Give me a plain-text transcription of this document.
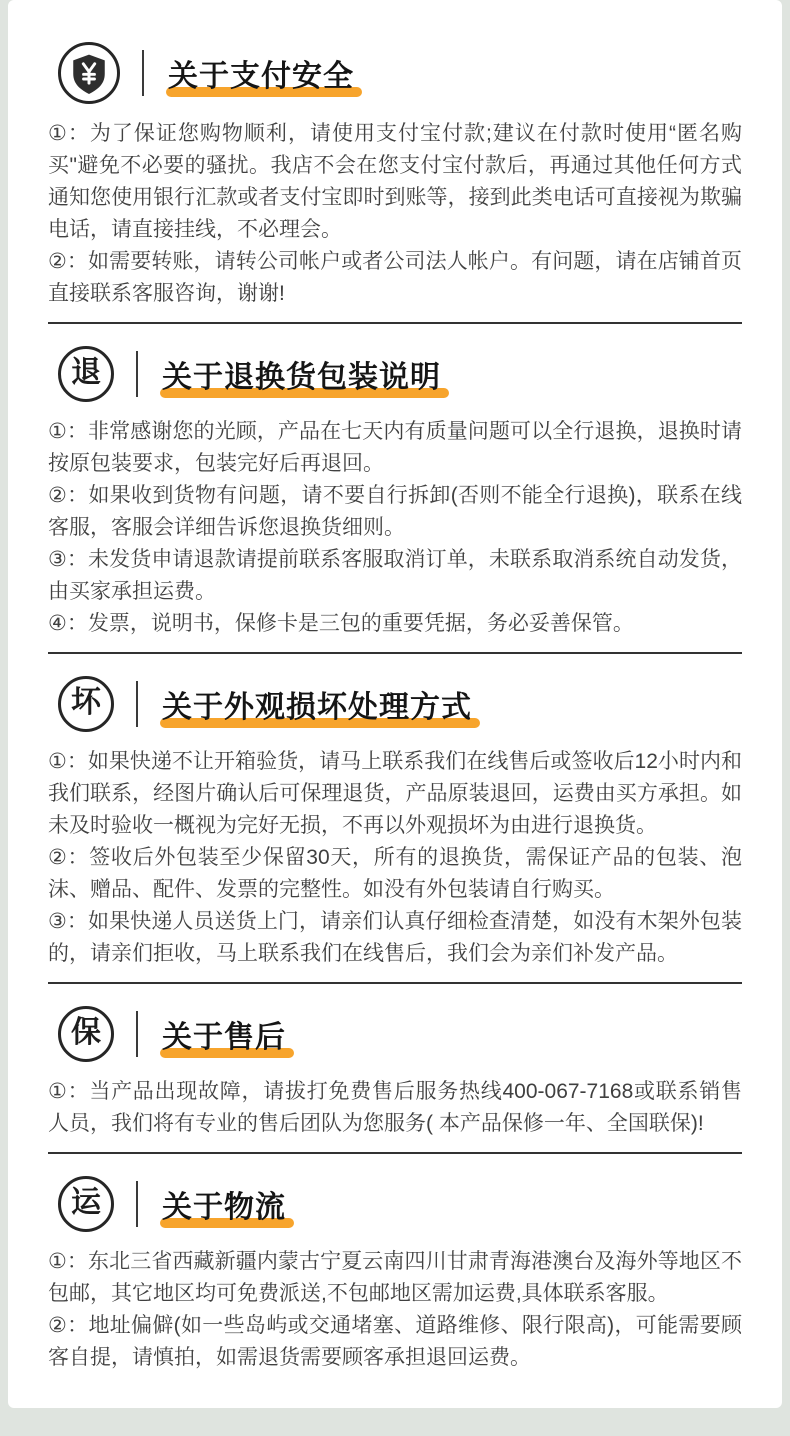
关于支付安全

①：为了保证您购物顺利，请使用支付宝付款;建议在付款时使用“匿名购买"避免不必要的骚扰。我店不会在您支付宝付款后，再通过其他任何方式通知您使用银行汇款或者支付宝即时到账等，接到此类电话可直接视为欺骗电话，请直接挂线，不必理会。

②：如需要转账，请转公司帐户或者公司法人帐户。有问题，请在店铺首页直接联系客服咨询，谢谢!

退	关于退换货包装说明

①：非常感谢您的光顾，产品在七天内有质量问题可以全行退换，退换时请按原包装要求，包装完好后再退回。

②：如果收到货物有问题，请不要自行拆卸(否则不能全行退换)，联系在线客服，客服会详细告诉您退换货细则。

③：未发货申请退款请提前联系客服取消订单，未联系取消系统自动发货，由买家承担运费。

④：发票，说明书，保修卡是三包的重要凭据，务必妥善保管。

坏	关于外观损坏处理方式

①：如果快递不让开箱验货，请马上联系我们在线售后或签收后12小时内和我们联系，经图片确认后可保理退货，产品原装退回，运费由买方承担。如未及时验收一概视为完好无损，不再以外观损坏为由进行退换货。

②：签收后外包装至少保留30天，所有的退换货，需保证产品的包装、泡沫、赠品、配件、发票的完整性。如没有外包装请自行购买。

③：如果快递人员送货上门，请亲们认真仔细检查清楚，如没有木架外包装的，请亲们拒收，马上联系我们在线售后，我们会为亲们补发产品。

保	关于售后

①：当产品出现故障，请拔打免费售后服务热线400-067-7168或联系销售人员，我们将有专业的售后团队为您服务( 本产品保修一年、全国联保)!

运	关于物流

①：东北三省西藏新疆内蒙古宁夏云南四川甘肃青海港澳台及海外等地区不包邮，其它地区均可免费派送,不包邮地区需加运费,具体联系客服。

②：地址偏僻(如一些岛屿或交通堵塞、道路维修、限行限高)，可能需要顾客自提，请慎拍，如需退货需要顾客承担退回运费。
